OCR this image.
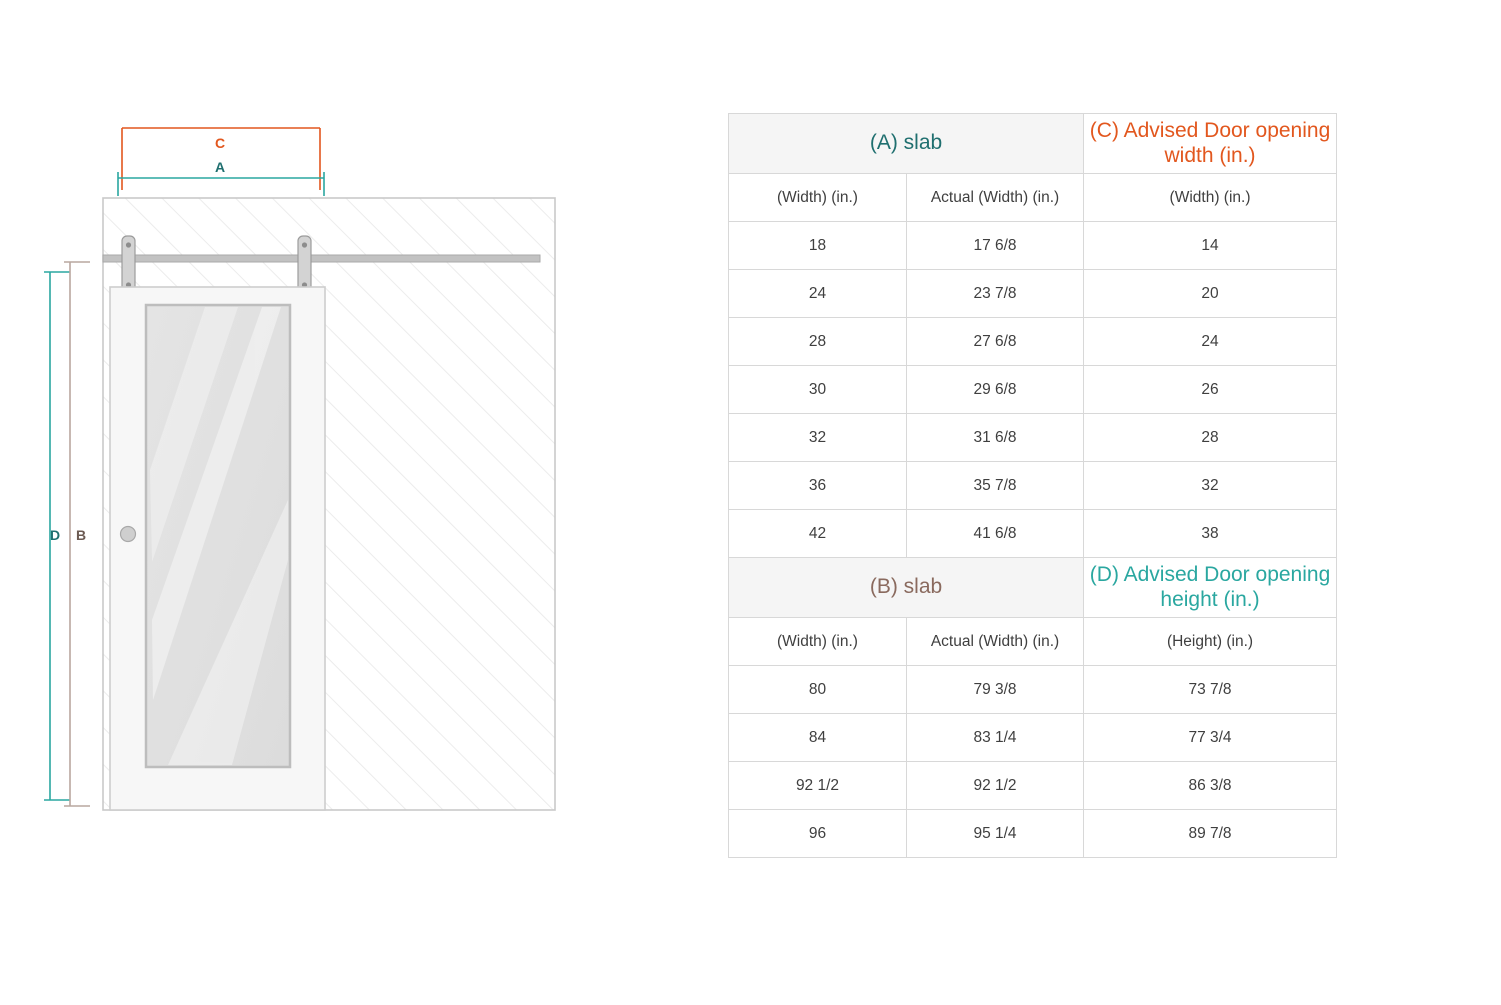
C
A
D B
(A) slab		(C) Advised Door opening width (in.)
(Width) (in.)	Actual (Width) (in.)	(Width) (in.)
18	17 6/8	14
24	23 7/8	20
28	27 6/8	24
30	29 6/8	26
32	31 6/8	28
36	35 7/8	32
42	41 6/8	38
(B) slab		(D) Advised Door opening height (in.)
(Width) (in.)	Actual (Width) (in.)	(Height) (in.)
80	79 3/8	73 7/8
84	83 1/4	77 3/4
92 1/2	92 1/2	86 3/8
96	95 1/4	89 7/8
